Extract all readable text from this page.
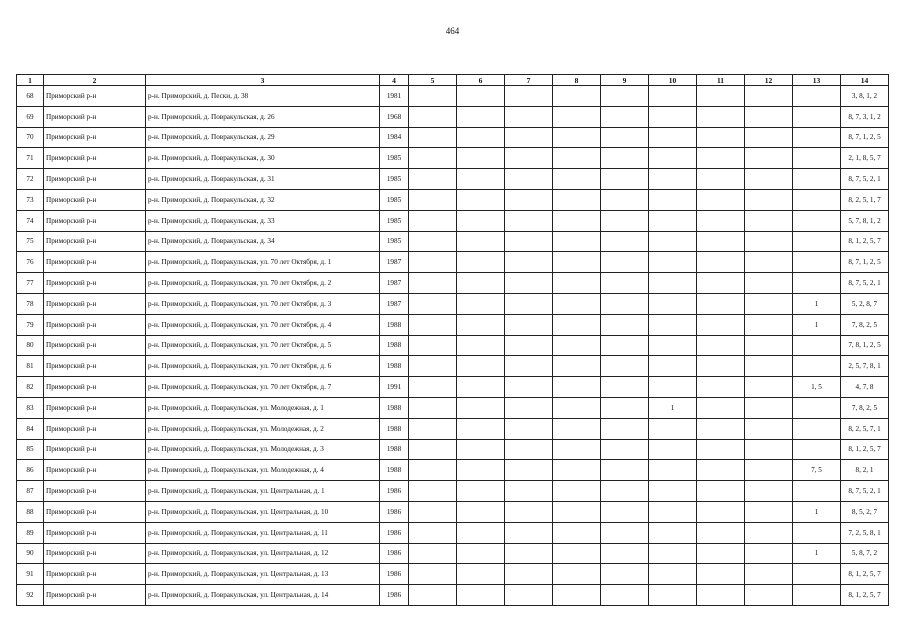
464
1	2	3	4	5	6	7	8	9	10	11	12	13	14
68	Приморский р-н	р-н. Приморский, д. Пески, д. 38	1981										3, 8, 1, 2
69	Приморский р-н	р-н. Приморский, д. Повракульская, д. 26	1968										8, 7, 3, 1, 2
70	Приморский р-н	р-н. Приморский, д. Повракульская, д. 29	1984										8, 7, 1, 2, 5
71	Приморский р-н	р-н. Приморский, д. Повракульская, д. 30	1985										2, 1, 8, 5, 7
72	Приморский р-н	р-н. Приморский, д. Повракульская, д. 31	1985										8, 7, 5, 2, 1
73	Приморский р-н	р-н. Приморский, д. Повракульская, д. 32	1985										8, 2, 5, 1, 7
74	Приморский р-н	р-н. Приморский, д. Повракульская, д. 33	1985										5, 7, 8, 1, 2
75	Приморский р-н	р-н. Приморский, д. Повракульская, д. 34	1985										8, 1, 2, 5, 7
76	Приморский р-н	р-н. Приморский, д. Повракульская, ул. 70 лет Октября, д. 1	1987										8, 7, 1, 2, 5
77	Приморский р-н	р-н. Приморский, д. Повракульская, ул. 70 лет Октября, д. 2	1987										8, 7, 5, 2, 1
78	Приморский р-н	р-н. Приморский, д. Повракульская, ул. 70 лет Октября, д. 3	1987									1	5, 2, 8, 7
79	Приморский р-н	р-н. Приморский, д. Повракульская, ул. 70 лет Октября, д. 4	1988									1	7, 8, 2, 5
80	Приморский р-н	р-н. Приморский, д. Повракульская, ул. 70 лет Октября, д. 5	1988										7, 8, 1, 2, 5
81	Приморский р-н	р-н. Приморский, д. Повракульская, ул. 70 лет Октября, д. 6	1988										2, 5, 7, 8, 1
82	Приморский р-н	р-н. Приморский, д. Повракульская, ул. 70 лет Октября, д. 7	1991									1, 5	4, 7, 8
83	Приморский р-н	р-н. Приморский, д. Повракульская, ул. Молодежная, д. 1	1988						1				7, 8, 2, 5
84	Приморский р-н	р-н. Приморский, д. Повракульская, ул. Молодежная, д. 2	1988										8, 2, 5, 7, 1
85	Приморский р-н	р-н. Приморский, д. Повракульская, ул. Молодежная, д. 3	1988										8, 1, 2, 5, 7
86	Приморский р-н	р-н. Приморский, д. Повракульская, ул. Молодежная, д. 4	1988									7, 5	8, 2, 1
87	Приморский р-н	р-н. Приморский, д. Повракульская, ул. Центральная, д. 1	1986										8, 7, 5, 2, 1
88	Приморский р-н	р-н. Приморский, д. Повракульская, ул. Центральная, д. 10	1986									1	8, 5, 2, 7
89	Приморский р-н	р-н. Приморский, д. Повракульская, ул. Центральная, д. 11	1986										7, 2, 5, 8, 1
90	Приморский р-н	р-н. Приморский, д. Повракульская, ул. Центральная, д. 12	1986									1	5, 8, 7, 2
91	Приморский р-н	р-н. Приморский, д. Повракульская, ул. Центральная, д. 13	1986										8, 1, 2, 5, 7
92	Приморский р-н	р-н. Приморский, д. Повракульская, ул. Центральная, д. 14	1986										8, 1, 2, 5, 7
